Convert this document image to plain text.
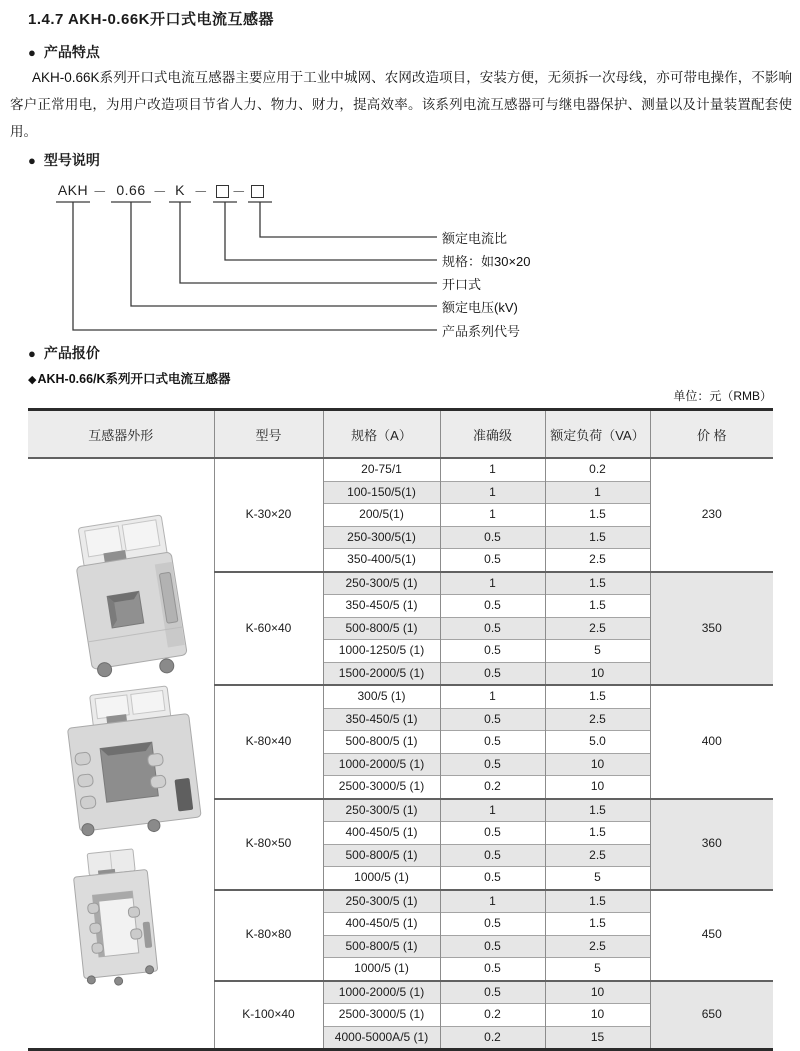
1.4.7 AKH-0.66K开口式电流互感器
● 产品特点
AKH-0.66K系列开口式电流互感器主要应用于工业中城网、农网改造项目，安装方便，无须拆一次母线，亦可带电操作，不影响客户正常用电，为用户改造项目节省人力、物力、财力，提高效率。该系列电流互感器可与继电器保护、测量以及计量装置配套使用。
● 型号说明
AKH － 0.66 － K － －
额定电流比
规格：如30×20
开口式
额定电压(kV)
产品系列代号
● 产品报价
◆AKH-0.66/K系列开口式电流互感器
单位：元（RMB）
互感器外形	型号	规格（A）	准确级	额定负荷（VA）	价 格

	K-30×20	20-75/1	1	0.2	230
		100-150/5(1)	1	1	
		200/5(1)	1	1.5	
		250-300/5(1)	0.5	1.5	
		350-400/5(1)	0.5	2.5	
	K-60×40	250-300/5 (1)	1	1.5	350
		350-450/5 (1)	0.5	1.5	
		500-800/5 (1)	0.5	2.5	
		1000-1250/5 (1)	0.5	5	
		1500-2000/5 (1)	0.5	10	
	K-80×40	300/5 (1)	1	1.5	400
		350-450/5 (1)	0.5	2.5	
		500-800/5 (1)	0.5	5.0	
		1000-2000/5 (1)	0.5	10	
		2500-3000/5 (1)	0.2	10	
	K-80×50	250-300/5 (1)	1	1.5	360
		400-450/5 (1)	0.5	1.5	
		500-800/5 (1)	0.5	2.5	
		1000/5 (1)	0.5	5	
	K-80×80	250-300/5 (1)	1	1.5	450
		400-450/5 (1)	0.5	1.5	
		500-800/5 (1)	0.5	2.5	
		1000/5 (1)	0.5	5	
	K-100×40	1000-2000/5 (1)	0.5	10	650
		2500-3000/5 (1)	0.2	10	
		4000-5000A/5 (1)	0.2	15	
